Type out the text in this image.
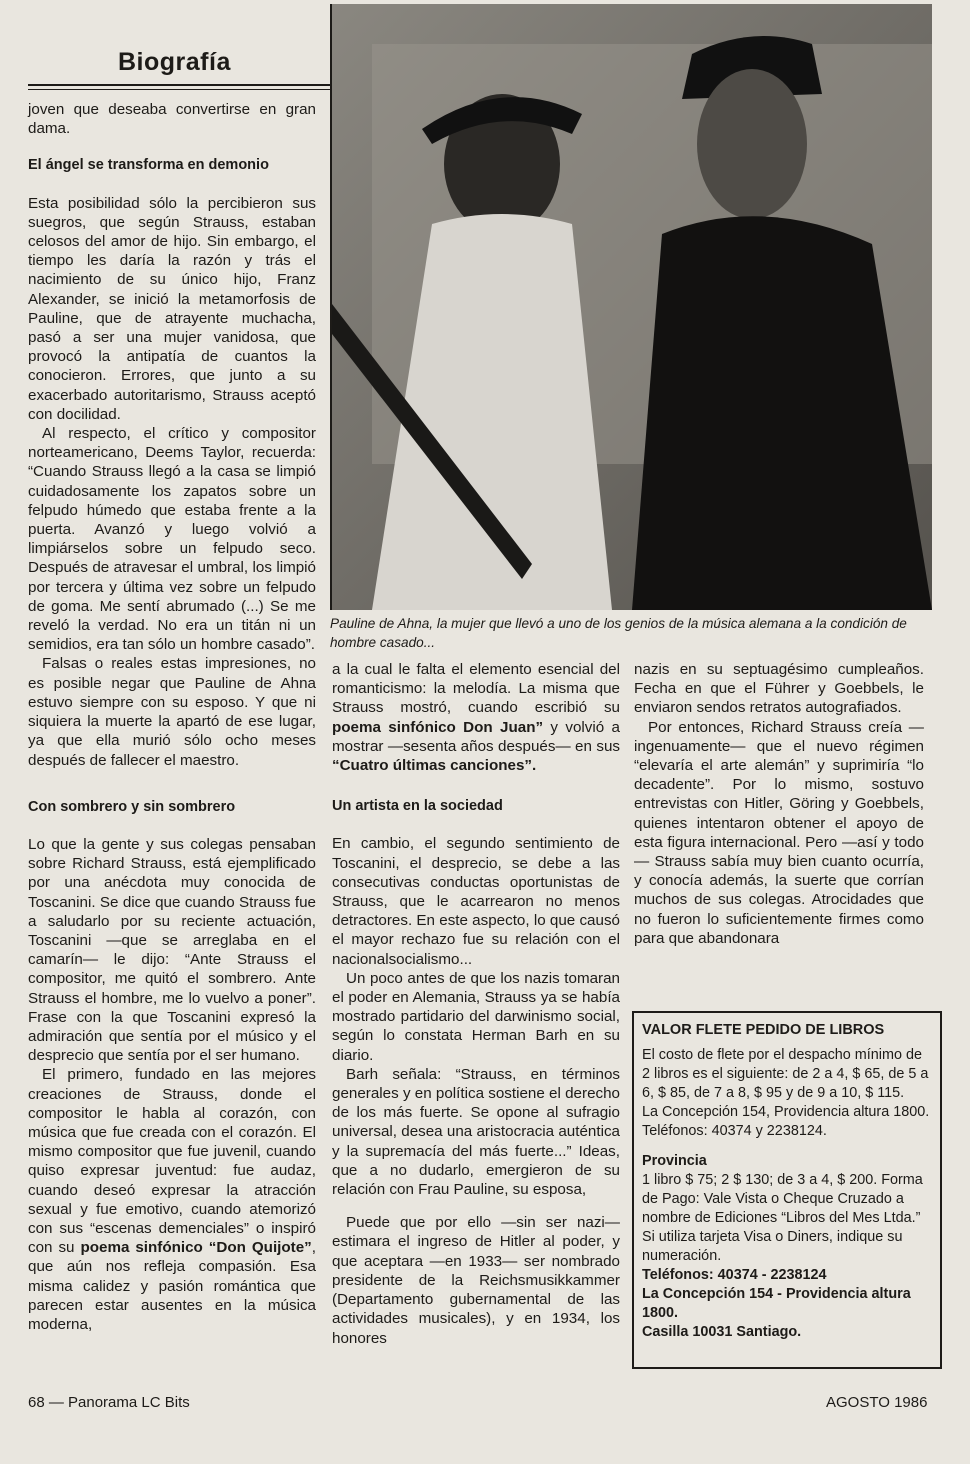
Biografía

joven que deseaba convertirse en gran dama.

El ángel se transforma en demonio

Esta posibilidad sólo la percibieron sus suegros, que según Strauss, estaban celosos del amor de hijo. Sin embargo, el tiempo les daría la razón y trás el nacimiento de su único hijo, Franz Alexander, se inició la metamorfosis de Pauline, que de atrayente muchacha, pasó a ser una mujer vanidosa, que provocó la antipatía de cuantos la conocieron. Errores, que junto a su exacerbado autoritarismo, Strauss aceptó con docilidad.

Al respecto, el crítico y compositor norteamericano, Deems Taylor, recuerda: “Cuando Strauss llegó a la casa se limpió cuidadosamente los zapatos sobre un felpudo húmedo que estaba frente a la puerta. Avanzó y luego volvió a limpiárselos sobre un felpudo seco. Después de atravesar el umbral, los limpió por tercera y última vez sobre un felpudo de goma. Me sentí abrumado (...) Se me reveló la verdad. No era un titán ni un semidios, era tan sólo un hombre casado”.

Falsas o reales estas impresiones, no es posible negar que Pauline de Ahna estuvo siempre con su esposo. Y que ni siquiera la muerte la apartó de ese lugar, ya que ella murió sólo ocho meses después de fallecer el maestro.

Con sombrero y sin sombrero

Lo que la gente y sus colegas pensaban sobre Richard Strauss, está ejemplificado por una anécdota muy conocida de Toscanini. Se dice que cuando Strauss fue a saludarlo por su reciente actuación, Toscanini —que se arreglaba en el camarín— le dijo: “Ante Strauss el compositor, me quitó el sombrero. Ante Strauss el hombre, me lo vuelvo a poner”. Frase con la que Toscanini expresó la admiración que sentía por el músico y el desprecio que sentía por el ser humano.

El primero, fundado en las mejores creaciones de Strauss, donde el compositor le habla al corazón, con música que fue creada con el corazón. El mismo compositor que fue juvenil, cuando quiso expresar juventud: fue audaz, cuando deseó expresar la atracción sexual y fue emotivo, cuando atemorizó con sus “escenas demenciales” o inspiró con su poema sinfónico “Don Quijote”, que aún nos refleja compasión. Esa misma calidez y pasión romántica que parecen estar ausentes en la música moderna,

Pauline de Ahna, la mujer que llevó a uno de los genios de la música alemana a la condición de hombre casado...

a la cual le falta el elemento esencial del romanticismo: la melodía. La misma que Strauss mostró, cuando escribió su poema sinfónico Don Juan” y volvió a mostrar —sesenta años después— en sus “Cuatro últimas canciones”.

Un artista en la sociedad

En cambio, el segundo sentimiento de Toscanini, el desprecio, se debe a las consecutivas conductas oportunistas de Strauss, que le acarrearon no menos detractores. En este aspecto, lo que causó el mayor rechazo fue su relación con el nacionalsocialismo...

Un poco antes de que los nazis tomaran el poder en Alemania, Strauss ya se había mostrado partidario del darwinismo social, según lo constata Herman Barh en su diario.

Barh señala: “Strauss, en términos generales y en política sostiene el derecho de los más fuerte. Se opone al sufragio universal, desea una aristocracia auténtica y la supremacía del más fuerte...” Ideas, que a no dudarlo, emergieron de su relación con Frau Pauline, su esposa,

Puede que por ello —sin ser nazi— estimara el ingreso de Hitler al poder, y que aceptara —en 1933— ser nombrado presidente de la Reichsmusikkammer (Departamento gubernamental de las actividades musicales), y en 1934, los honores

nazis en su septuagésimo cumpleaños. Fecha en que el Führer y Goebbels, le enviaron sendos retratos autografiados.

Por entonces, Richard Strauss creía —ingenuamente— que el nuevo régimen “elevaría el arte alemán” y suprimiría “lo decadente”. Por lo mismo, sostuvo entrevistas con Hitler, Göring y Goebbels, quienes intentaron obtener el apoyo de esta figura internacional. Pero —así y todo— Strauss sabía muy bien cuanto ocurría, y conocía además, la suerte que corrían muchos de sus colegas. Atrocidades que no fueron lo suficientemente firmes como para que abandonara

VALOR FLETE PEDIDO DE LIBROS

El costo de flete por el despacho mínimo de 2 libros es el siguiente: de 2 a 4, $ 65, de 5 a 6, $ 85, de 7 a 8, $ 95 y de 9 a 10, $ 115.

La Concepción 154, Providencia altura 1800. Teléfonos: 40374 y 2238124.

Provincia

1 libro $ 75; 2 $ 130; de 3 a 4, $ 200. Forma de Pago: Vale Vista o Cheque Cruzado a nombre de Ediciones “Libros del Mes Ltda.” Si utiliza tarjeta Visa o Diners, indique su numeración.

Teléfonos: 40374 - 2238124

La Concepción 154 - Providencia altura 1800.

Casilla 10031 Santiago.

68 — Panorama LC Bits	AGOSTO 1986
